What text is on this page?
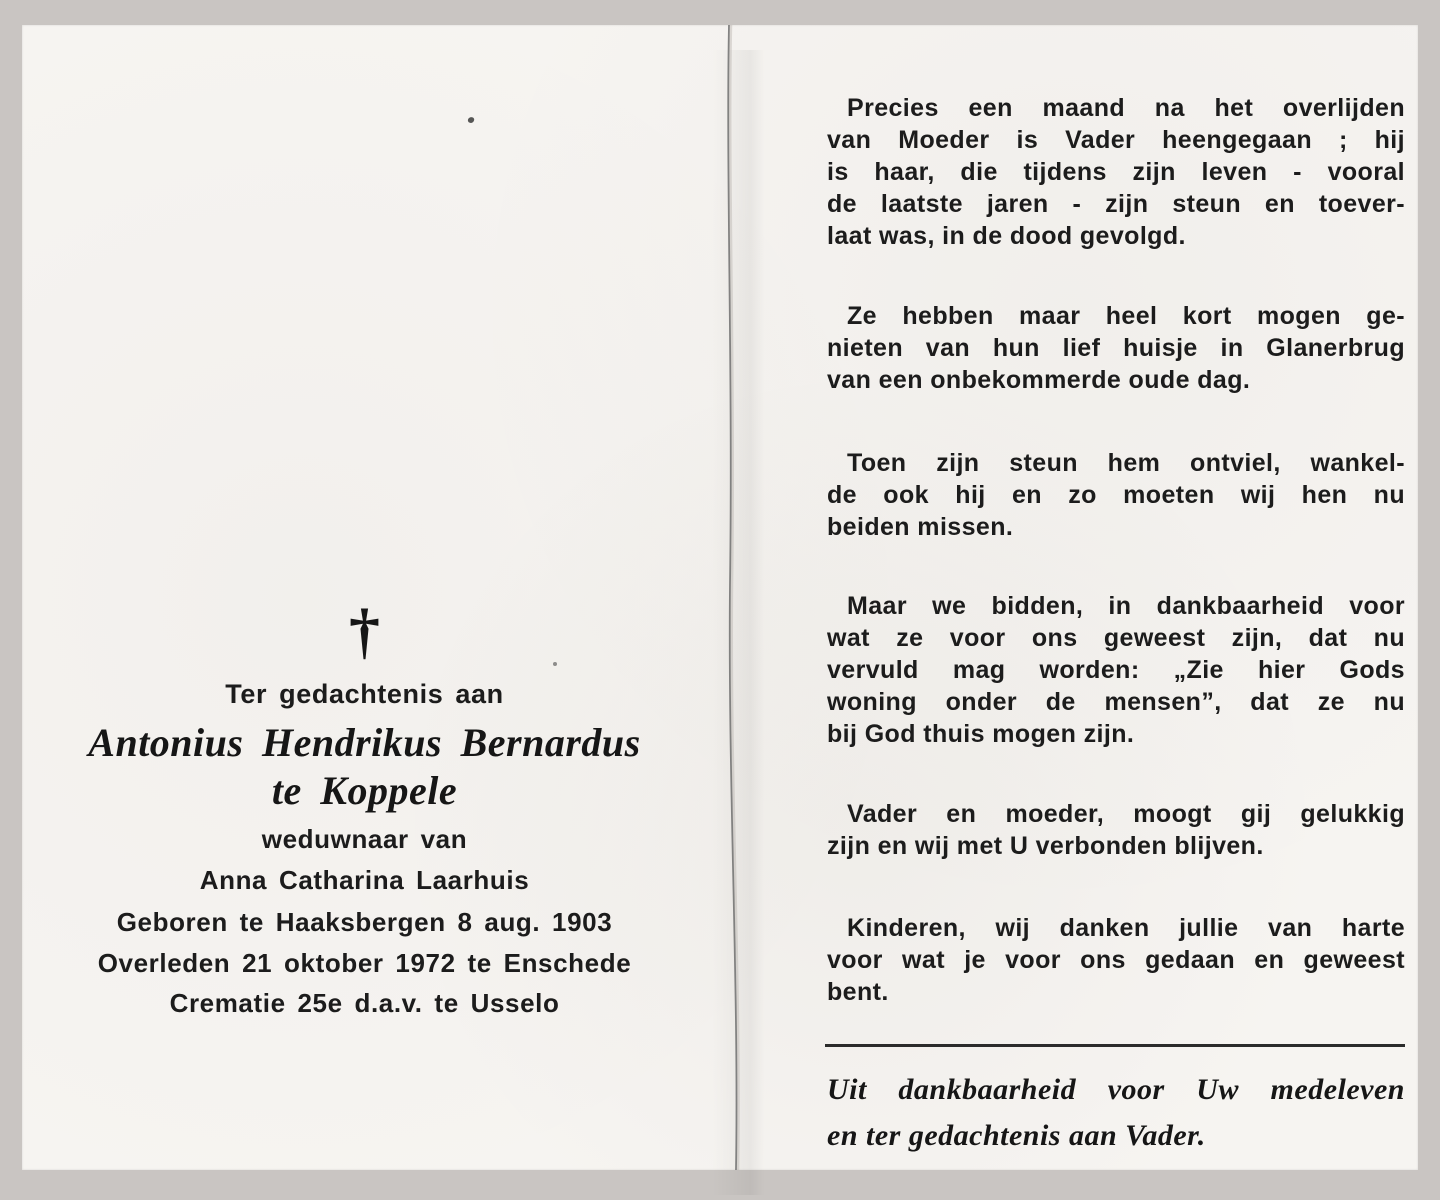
†
Ter gedachtenis aan
Antonius Hendrikus Bernardus
te Koppele
weduwnaar van
Anna Catharina Laarhuis
Geboren te Haaksbergen 8 aug. 1903
Overleden 21 oktober 1972 te Enschede
Crematie 25e d.a.v. te Usselo
Precies een maand na het overlijden
van Moeder is Vader heengegaan ; hij
is haar, die tijdens zijn leven - vooral
de laatste jaren - zijn steun en toever-
laat was, in de dood gevolgd.
Ze hebben maar heel kort mogen ge-
nieten van hun lief huisje in Glanerbrug
van een onbekommerde oude dag.
Toen zijn steun hem ontviel, wankel-
de ook hij en zo moeten wij hen nu
beiden missen.
Maar we bidden, in dankbaarheid voor
wat ze voor ons geweest zijn, dat nu
vervuld mag worden: „Zie hier Gods
woning onder de mensen”, dat ze nu
bij God thuis mogen zijn.
Vader en moeder, moogt gij gelukkig
zijn en wij met U verbonden blijven.
Kinderen, wij danken jullie van harte
voor wat je voor ons gedaan en geweest
bent.
Uit dankbaarheid voor Uw medeleven
en ter gedachtenis aan Vader.
